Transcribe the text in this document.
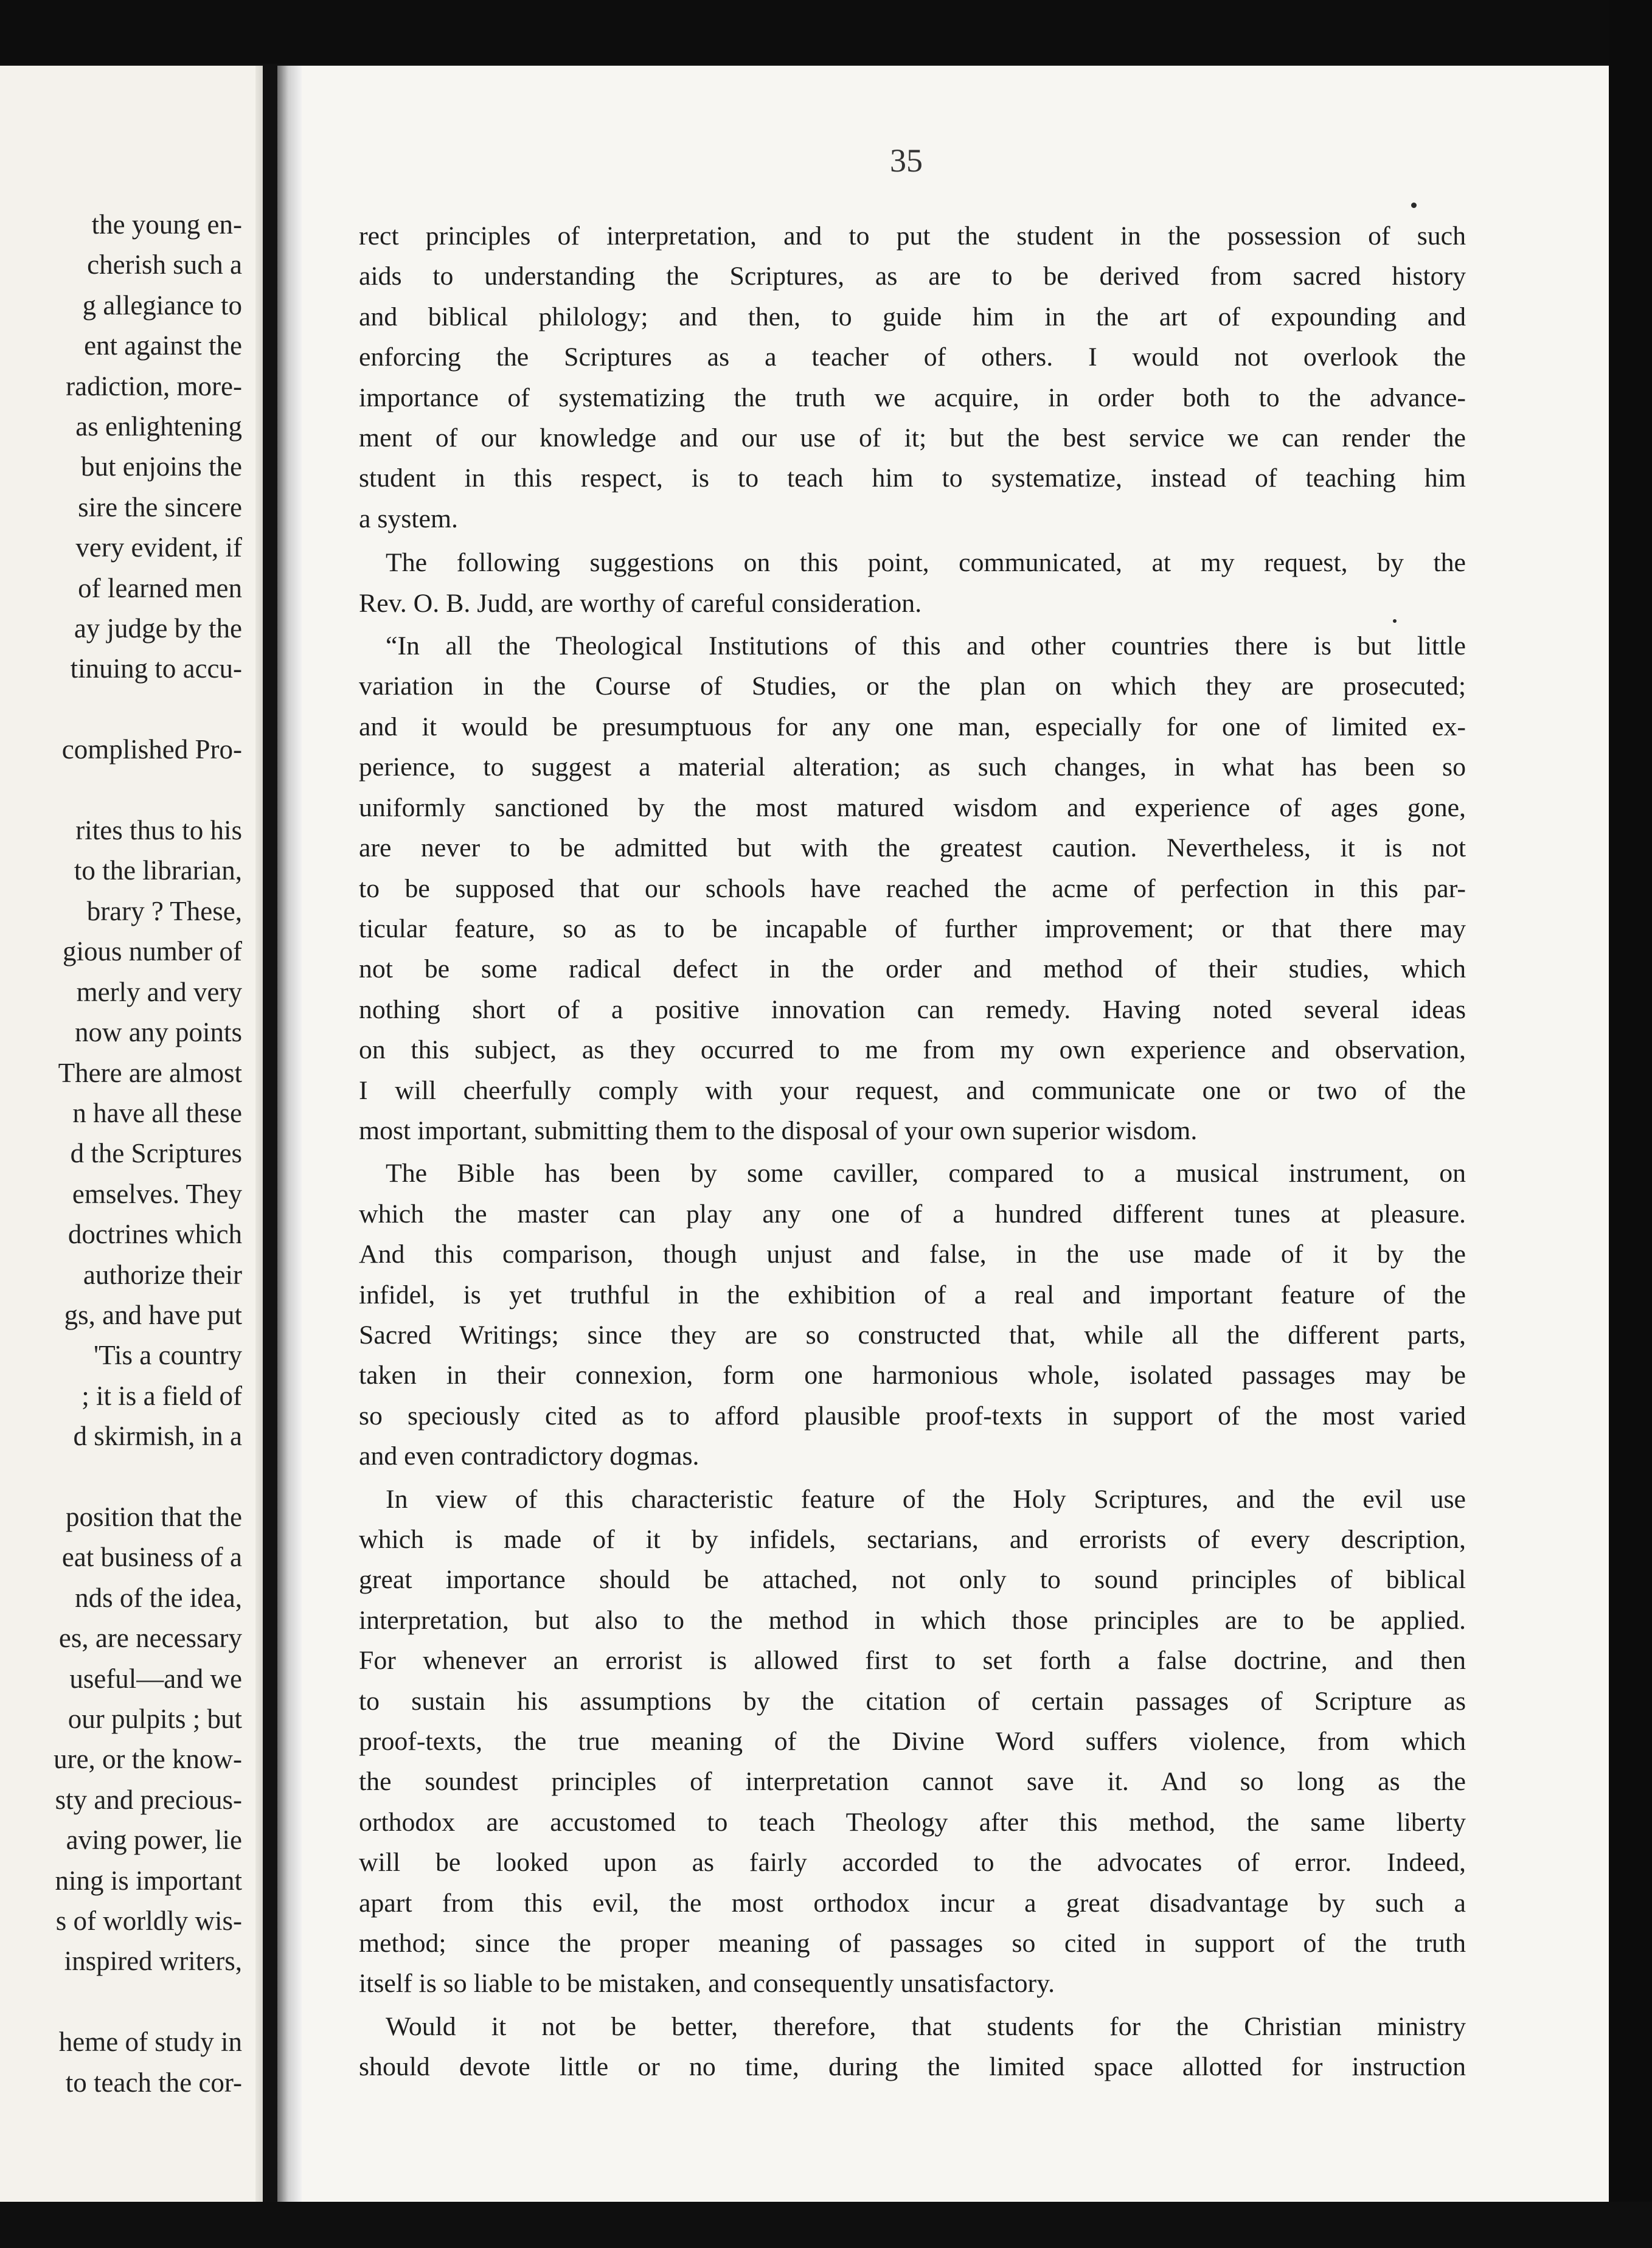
the young en-
cherish such a
g allegiance to
ent against the
radiction, more-
as enlightening
but enjoins the
sire the sincere
very evident, if
of learned men
ay judge by the
tinuing to accu-
complished Pro-
rites thus to his
to the librarian,
brary ? These,
gious number of
merly and very
now any points
There are almost
n have all these
d the Scriptures
emselves. They
doctrines which
authorize their
gs, and have put
'Tis a country
; it is a field of
d skirmish, in a
position that the
eat business of a
nds of the idea,
es, are necessary
useful—and we
our pulpits ; but
ure, or the know-
sty and precious-
aving power, lie
ning is important
s of worldly wis-
inspired writers,
heme of study in
to teach the cor-
35
rect principles of interpretation, and to put the student in the possession of such
aids to understanding the Scriptures, as are to be derived from sacred history
and biblical philology; and then, to guide him in the art of expounding and
enforcing the Scriptures as a teacher of others. I would not overlook the
importance of systematizing the truth we acquire, in order both to the advance-
ment of our knowledge and our use of it; but the best service we can render the
student in this respect, is to teach him to systematize, instead of teaching him
a system.
The following suggestions on this point, communicated, at my request, by the
Rev. O. B. Judd, are worthy of careful consideration.
“In all the Theological Institutions of this and other countries there is but little
variation in the Course of Studies, or the plan on which they are prosecuted;
and it would be presumptuous for any one man, especially for one of limited ex-
perience, to suggest a material alteration; as such changes, in what has been so
uniformly sanctioned by the most matured wisdom and experience of ages gone,
are never to be admitted but with the greatest caution. Nevertheless, it is not
to be supposed that our schools have reached the acme of perfection in this par-
ticular feature, so as to be incapable of further improvement; or that there may
not be some radical defect in the order and method of their studies, which
nothing short of a positive innovation can remedy. Having noted several ideas
on this subject, as they occurred to me from my own experience and observation,
I will cheerfully comply with your request, and communicate one or two of the
most important, submitting them to the disposal of your own superior wisdom.
The Bible has been by some caviller, compared to a musical instrument, on
which the master can play any one of a hundred different tunes at pleasure.
And this comparison, though unjust and false, in the use made of it by the
infidel, is yet truthful in the exhibition of a real and important feature of the
Sacred Writings; since they are so constructed that, while all the different parts,
taken in their connexion, form one harmonious whole, isolated passages may be
so speciously cited as to afford plausible proof-texts in support of the most varied
and even contradictory dogmas.
In view of this characteristic feature of the Holy Scriptures, and the evil use
which is made of it by infidels, sectarians, and errorists of every description,
great importance should be attached, not only to sound principles of biblical
interpretation, but also to the method in which those principles are to be applied.
For whenever an errorist is allowed first to set forth a false doctrine, and then
to sustain his assumptions by the citation of certain passages of Scripture as
proof-texts, the true meaning of the Divine Word suffers violence, from which
the soundest principles of interpretation cannot save it. And so long as the
orthodox are accustomed to teach Theology after this method, the same liberty
will be looked upon as fairly accorded to the advocates of error. Indeed,
apart from this evil, the most orthodox incur a great disadvantage by such a
method; since the proper meaning of passages so cited in support of the truth
itself is so liable to be mistaken, and consequently unsatisfactory.
Would it not be better, therefore, that students for the Christian ministry
should devote little or no time, during the limited space allotted for instruction
